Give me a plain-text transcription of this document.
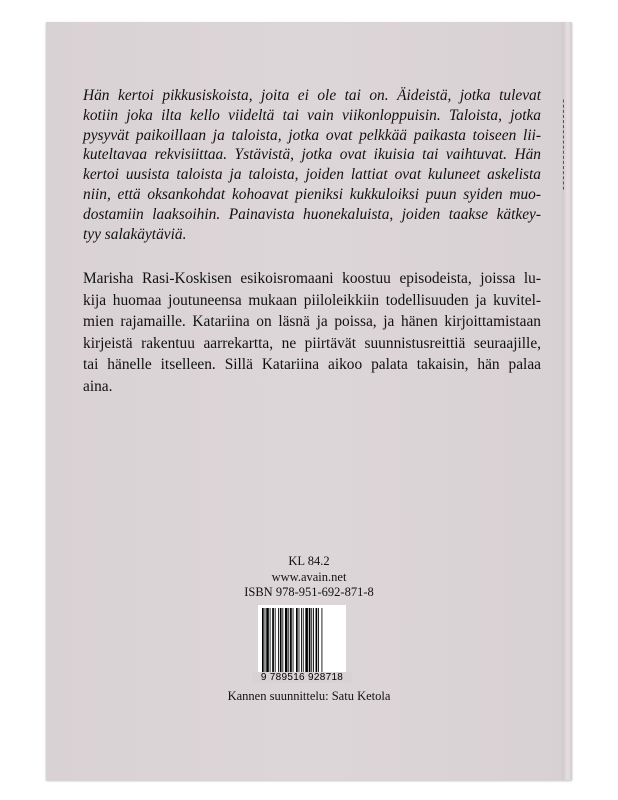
Hän kertoi pikkusiskoista, joita ei ole tai on. Äideistä, jotka tulevat
kotiin joka ilta kello viideltä tai vain viikonloppuisin. Taloista, jotka
pysyvät paikoillaan ja taloista, jotka ovat pelkkää paikasta toiseen lii-
kuteltavaa rekvisiittaa. Ystävistä, jotka ovat ikuisia tai vaihtuvat. Hän
kertoi uusista taloista ja taloista, joiden lattiat ovat kuluneet askelista
niin, että oksankohdat kohoavat pieniksi kukkuloiksi puun syiden muo-
dostamiin laaksoihin. Painavista huonekaluista, joiden taakse kätkey-
tyy salakäytäviä.
Marisha Rasi-Koskisen esikoisromaani koostuu episodeista, joissa lu-
kija huomaa joutuneensa mukaan piiloleikkiin todellisuuden ja kuvitel-
mien rajamaille. Katariina on läsnä ja poissa, ja hänen kirjoittamistaan
kirjeistä rakentuu aarrekartta, ne piirtävät suunnistusreittiä seuraajille,
tai hänelle itselleen. Sillä Katariina aikoo palata takaisin, hän palaa
aina.
KL 84.2
www.avain.net
ISBN 978-951-692-871-8
9 789516 928718
Kannen suunnittelu: Satu Ketola
